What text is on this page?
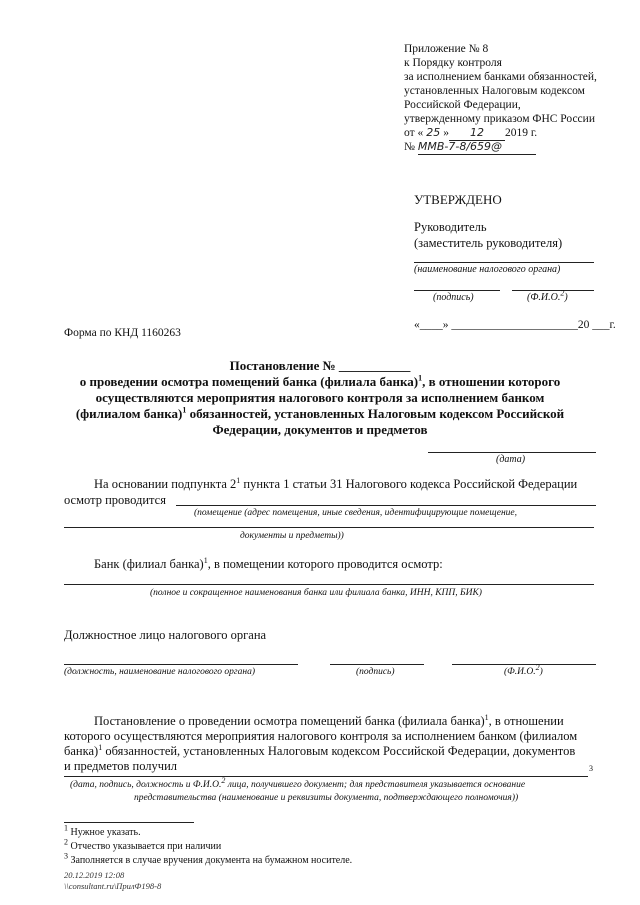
Приложение № 8
к Порядку контроля
за исполнением банками обязанностей,
установленных Налоговым кодексом
Российской Федерации,
утвержденному приказом ФНС России
от « 25 » 12 2019 г.
№ ММВ-7-8/659@
УТВЕРЖДЕНО
Руководитель
(заместитель руководителя)
(наименование налогового органа)
(подпись)	(Ф.И.О.$^2$)
«____» ______________________20 ___г.
Форма по КНД 1160263
Постановление № ___________
о проведении осмотра помещений банка (филиала банка)$^1$, в отношении которого
осуществляются мероприятия налогового контроля за исполнением банком
(филиалом банка)$^1$ обязанностей, установленных Налоговым кодексом Российской
Федерации, документов и предметов
(дата)
На основании подпункта $2^1$ пункта 1 статьи 31 Налогового кодекса Российской Федерации
осмотр проводится
(помещение (адрес помещения, иные сведения, идентифицирующие помещение,
документы и предметы))
Банк (филиал банка)$^1$, в помещении которого проводится осмотр:
(полное и сокращенное наименования банка или филиала банка, ИНН, КПП, БИК)
Должностное лицо налогового органа
(должность, наименование налогового органа)	(подпись)	(Ф.И.О.$^2$)
Постановление о проведении осмотра помещений банка (филиала банка)$^1$, в отношении
которого осуществляются мероприятия налогового контроля за исполнением банком (филиалом
банка)$^1$ обязанностей, установленных Налоговым кодексом Российской Федерации, документов
и предметов получил	3
(дата, подпись, должность и Ф.И.О.$^2$ лица, получившего документ; для представителя указывается основание
представительства (наименование и реквизиты документа, подтверждающего полномочия))
$^1$ Нужное указать.
$^2$ Отчество указывается при наличии
$^3$ Заполняется в случае вручения документа на бумажном носителе.
20.12.2019 12:08
\\consultant.ru\ПрилФ198-8
